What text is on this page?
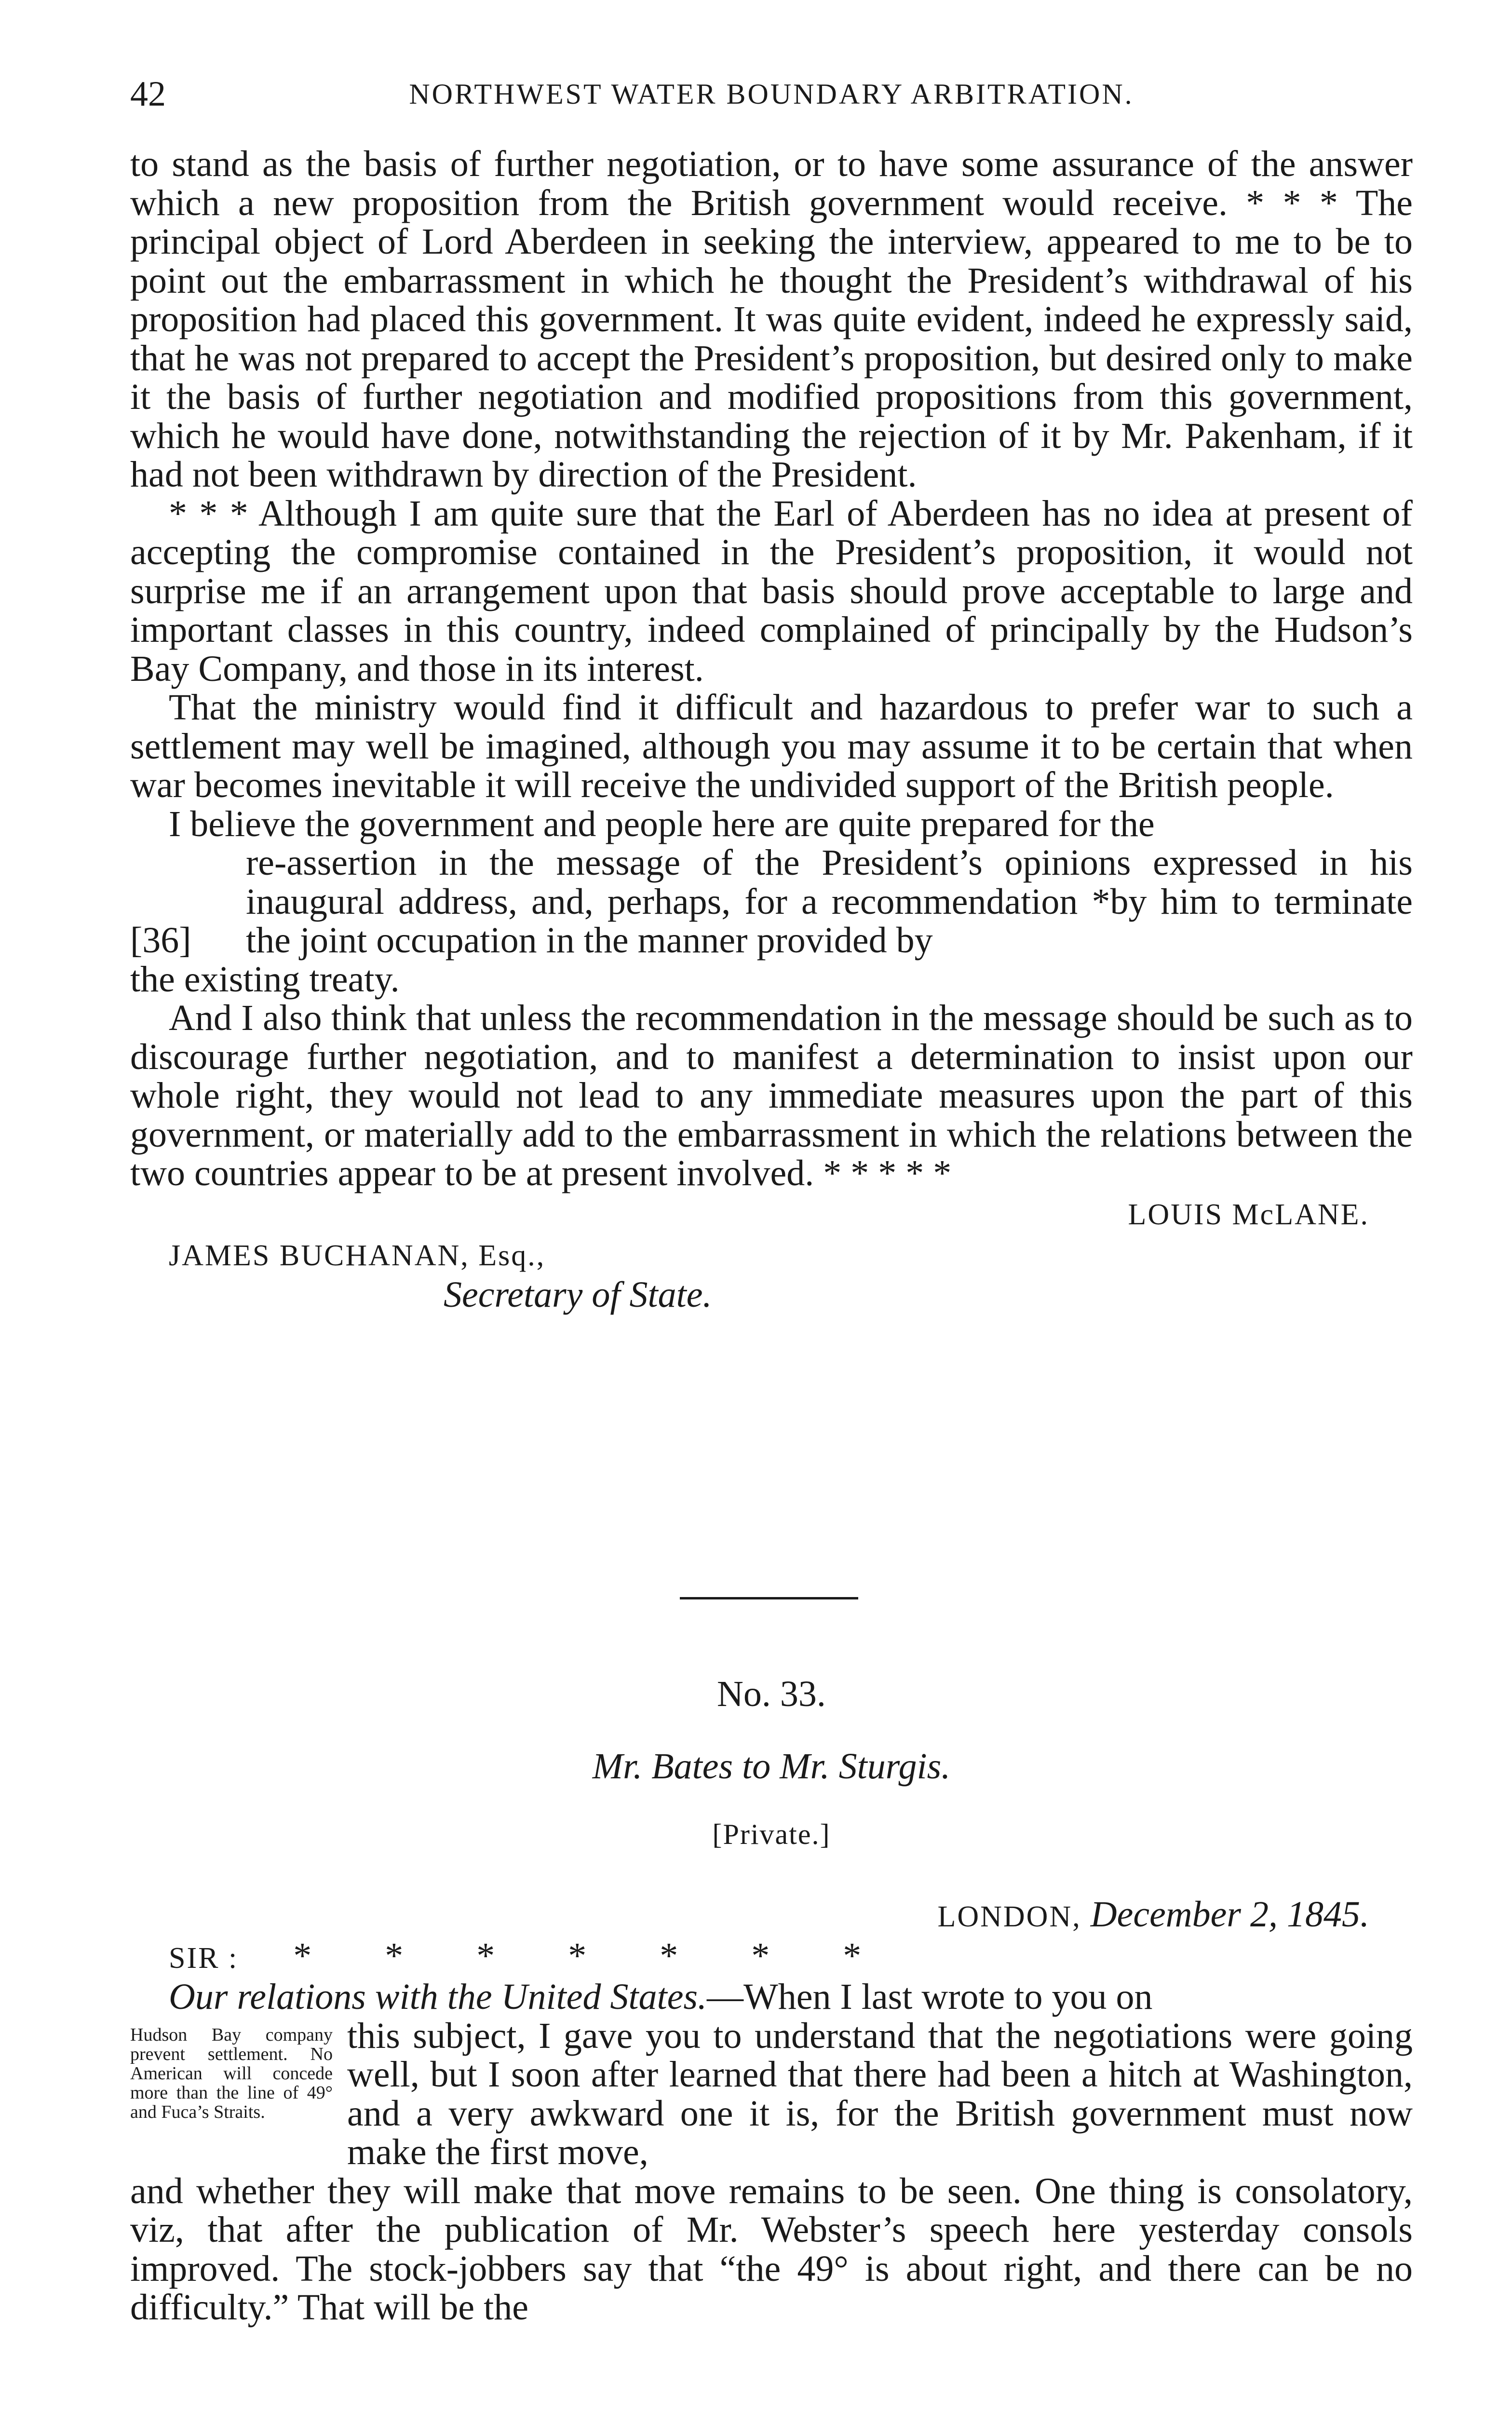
42	NORTHWEST WATER BOUNDARY ARBITRATION.

to stand as the basis of further negotiation, or to have some assurance of the answer which a new proposition from the British government would receive. * * * The principal object of Lord Aberdeen in seeking the interview, appeared to me to be to point out the embarrassment in which he thought the President’s withdrawal of his proposition had placed this government. It was quite evident, indeed he expressly said, that he was not prepared to accept the President’s proposition, but desired only to make it the basis of further negotiation and modified propositions from this government, which he would have done, notwithstanding the rejection of it by Mr. Pakenham, if it had not been withdrawn by direction of the President.

* * * Although I am quite sure that the Earl of Aberdeen has no idea at present of accepting the compromise contained in the President’s proposition, it would not surprise me if an arrangement upon that basis should prove acceptable to large and important classes in this country, indeed complained of principally by the Hudson’s Bay Company, and those in its interest.

That the ministry would find it difficult and hazardous to prefer war to such a settlement may well be imagined, although you may assume it to be certain that when war becomes inevitable it will receive the undivided support of the British people.

I believe the government and people here are quite prepared for the

[36]

re-assertion in the message of the President’s opinions expressed in his inaugural address, and, perhaps, for a recommendation *by him to terminate the joint occupation in the manner provided by

the existing treaty.

And I also think that unless the recommendation in the message should be such as to discourage further negotiation, and to manifest a determination to insist upon our whole right, they would not lead to any immediate measures upon the part of this government, or materially add to the embarrassment in which the relations between the two countries appear to be at present involved. * * * * *

LOUIS McLANE.

JAMES BUCHANAN, Esq.,

Secretary of State.

No. 33.
Mr. Bates to Mr. Sturgis.
[Private.]

LONDON, December 2, 1845.

SIR : *        *        *        *        *        *        *

Our relations with the United States.—When I last wrote to you on

Hudson Bay company prevent settlement. No American will concede more than the line of 49° and Fuca’s Straits.

this subject, I gave you to understand that the negotiations were going well, but I soon after learned that there had been a hitch at Washington, and a very awkward one it is, for the British government must now make the first move,

and whether they will make that move remains to be seen. One thing is consolatory, viz, that after the publication of Mr. Webster’s speech here yesterday consols improved. The stock-jobbers say that “the 49° is about right, and there can be no difficulty.” That will be the
